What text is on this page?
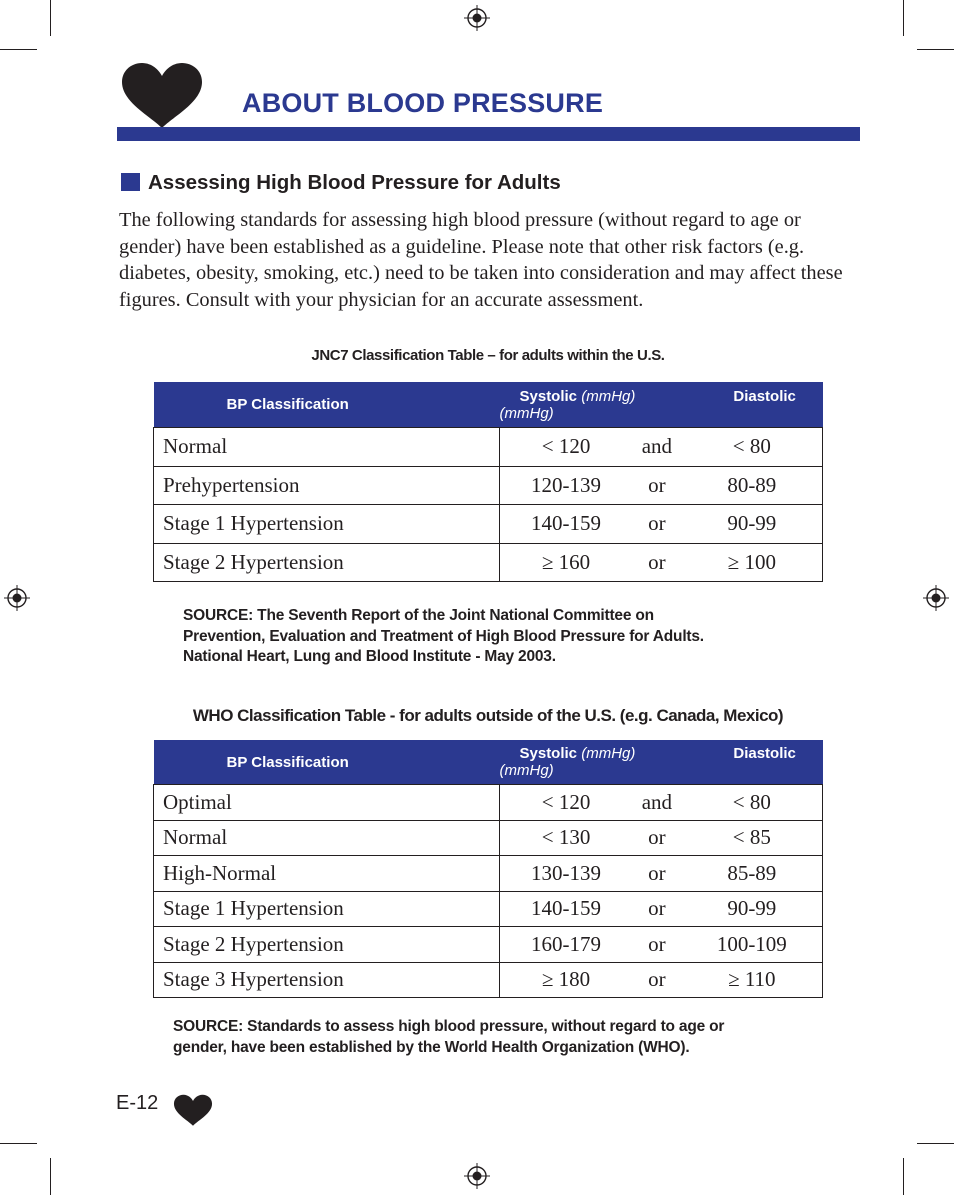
ABOUT BLOOD PRESSURE
Assessing High Blood Pressure for Adults

The following standards for assessing high blood pressure (without regard to age or gender) have been established as a guideline. Please note that other risk factors (e.g. diabetes, obesity, smoking, etc.) need to be taken into consideration and may affect these figures. Consult with your physician for an accurate assessment.

JNC7 Classification Table – for adults within the U.S.
BP Classification	Systolic (mmHg) Diastolic (mmHg)
Normal	< 120 and < 80

Prehypertension	120-139 or 80-89

Stage 1 Hypertension	140-159 or 90-99

Stage 2 Hypertension	≥ 160 or ≥ 100

SOURCE: The Seventh Report of the Joint National Committee on
Prevention, Evaluation and Treatment of High Blood Pressure for Adults.
National Heart, Lung and Blood Institute - May 2003.

WHO Classification Table - for adults outside of the U.S. (e.g. Canada, Mexico)
BP Classification	Systolic (mmHg) Diastolic (mmHg)
Optimal	< 120 and < 80

Normal	< 130 or < 85

High-Normal	130-139 or 85-89

Stage 1 Hypertension	140-159 or 90-99

Stage 2 Hypertension	160-179 or 100-109

Stage 3 Hypertension	≥ 180 or ≥ 110

SOURCE: Standards to assess high blood pressure, without regard to age or
gender, have been established by the World Health Organization (WHO).

E-12
